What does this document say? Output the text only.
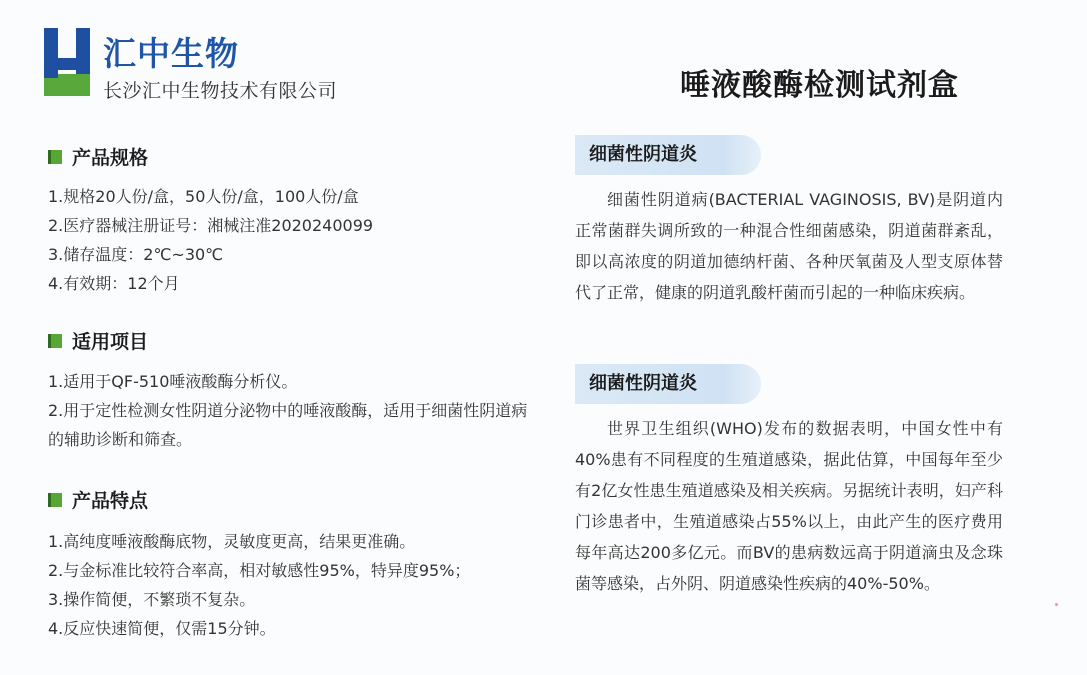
汇中生物

长沙汇中生物技术有限公司	唾液酸酶检测试剂盒
产品规格
1.规格20人份/盒，50人份/盒，100人份/盒
2.医疗器械注册证号：湘械注准2020240099
3.储存温度：2℃~30℃
4.有效期：12个月
适用项目
1.适用于QF-510唾液酸酶分析仪。
2.用于定性检测女性阴道分泌物中的唾液酸酶，适用于细菌性阴道病的辅助诊断和筛查。
产品特点
1.高纯度唾液酸酶底物，灵敏度更高，结果更准确。
2.与金标准比较符合率高，相对敏感性95%，特异度95%；
3.操作简便，不繁琐不复杂。
4.反应快速简便，仅需15分钟。
细菌性阴道炎

细菌性阴道病(BACTERIAL VAGINOSIS, BV)是阴道内正常菌群失调所致的一种混合性细菌感染，阴道菌群紊乱，即以高浓度的阴道加德纳杆菌、各种厌氧菌及人型支原体替代了正常，健康的阴道乳酸杆菌而引起的一种临床疾病。

细菌性阴道炎

世界卫生组织(WHO)发布的数据表明，中国女性中有40%患有不同程度的生殖道感染，据此估算，中国每年至少有2亿女性患生殖道感染及相关疾病。另据统计表明，妇产科门诊患者中，生殖道感染占55%以上，由此产生的医疗费用每年高达200多亿元。而BV的患病数远高于阴道滴虫及念珠菌等感染，占外阴、阴道感染性疾病的40%-50%。
